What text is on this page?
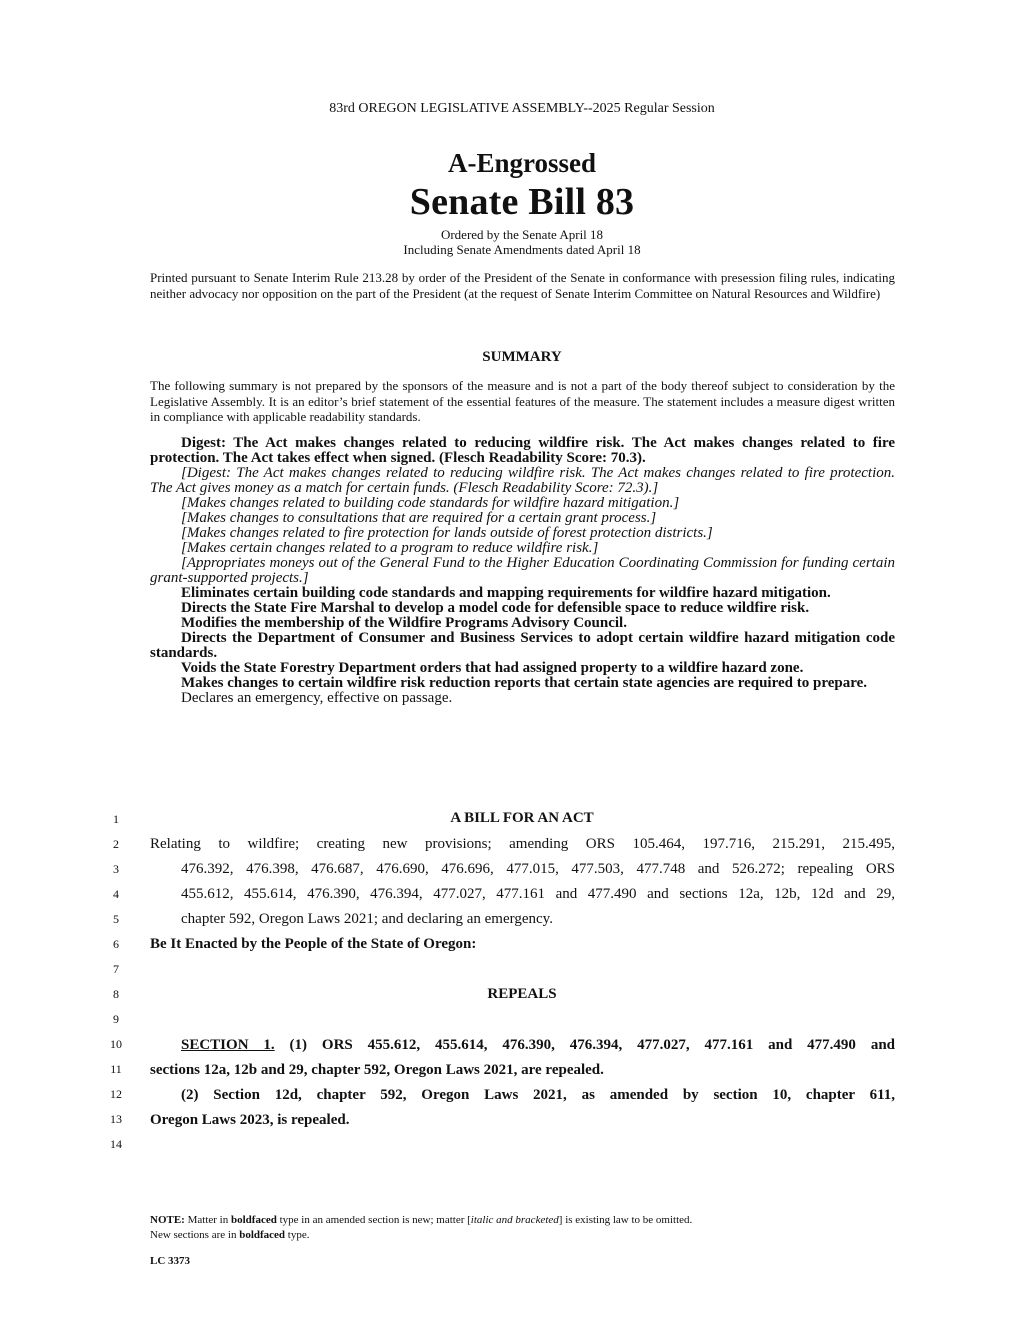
83rd OREGON LEGISLATIVE ASSEMBLY--2025 Regular Session
A-Engrossed
Senate Bill 83
Ordered by the Senate April 18
Including Senate Amendments dated April 18
Printed pursuant to Senate Interim Rule 213.28 by order of the President of the Senate in conformance with presession filing rules, indicating neither advocacy nor opposition on the part of the President (at the request of Senate Interim Committee on Natural Resources and Wildfire)
SUMMARY
The following summary is not prepared by the sponsors of the measure and is not a part of the body thereof subject to consideration by the Legislative Assembly. It is an editor’s brief statement of the essential features of the measure. The statement includes a measure digest written in compliance with applicable readability standards.

Digest: The Act makes changes related to reducing wildfire risk. The Act makes changes related to fire protection. The Act takes effect when signed. (Flesch Readability Score: 70.3).

[Digest: The Act makes changes related to reducing wildfire risk. The Act makes changes related to fire protection. The Act gives money as a match for certain funds. (Flesch Readability Score: 72.3).]

[Makes changes related to building code standards for wildfire hazard mitigation.]

[Makes changes to consultations that are required for a certain grant process.]

[Makes changes related to fire protection for lands outside of forest protection districts.]

[Makes certain changes related to a program to reduce wildfire risk.]

[Appropriates moneys out of the General Fund to the Higher Education Coordinating Commission for funding certain grant-supported projects.]

Eliminates certain building code standards and mapping requirements for wildfire hazard mitigation.

Directs the State Fire Marshal to develop a model code for defensible space to reduce wildfire risk.

Modifies the membership of the Wildfire Programs Advisory Council.

Directs the Department of Consumer and Business Services to adopt certain wildfire hazard mitigation code standards.

Voids the State Forestry Department orders that had assigned property to a wildfire hazard zone.

Makes changes to certain wildfire risk reduction reports that certain state agencies are required to prepare.

Declares an emergency, effective on passage.

1
2
3
4
5
6
7
8
9
10
11
12
13
14
A BILL FOR AN ACT
Relating to wildfire; creating new provisions; amending ORS 105.464, 197.716, 215.291, 215.495,
476.392, 476.398, 476.687, 476.690, 476.696, 477.015, 477.503, 477.748 and 526.272; repealing ORS
455.612, 455.614, 476.390, 476.394, 477.027, 477.161 and 477.490 and sections 12a, 12b, 12d and 29,
chapter 592, Oregon Laws 2021; and declaring an emergency.
Be It Enacted by the People of the State of Oregon:
REPEALS
SECTION 1. (1) ORS 455.612, 455.614, 476.390, 476.394, 477.027, 477.161 and 477.490 and
sections 12a, 12b and 29, chapter 592, Oregon Laws 2021, are repealed.
(2) Section 12d, chapter 592, Oregon Laws 2021, as amended by section 10, chapter 611,
Oregon Laws 2023, is repealed.
NOTE: Matter in boldfaced type in an amended section is new; matter [italic and bracketed] is existing law to be omitted.
New sections are in boldfaced type.
LC 3373
